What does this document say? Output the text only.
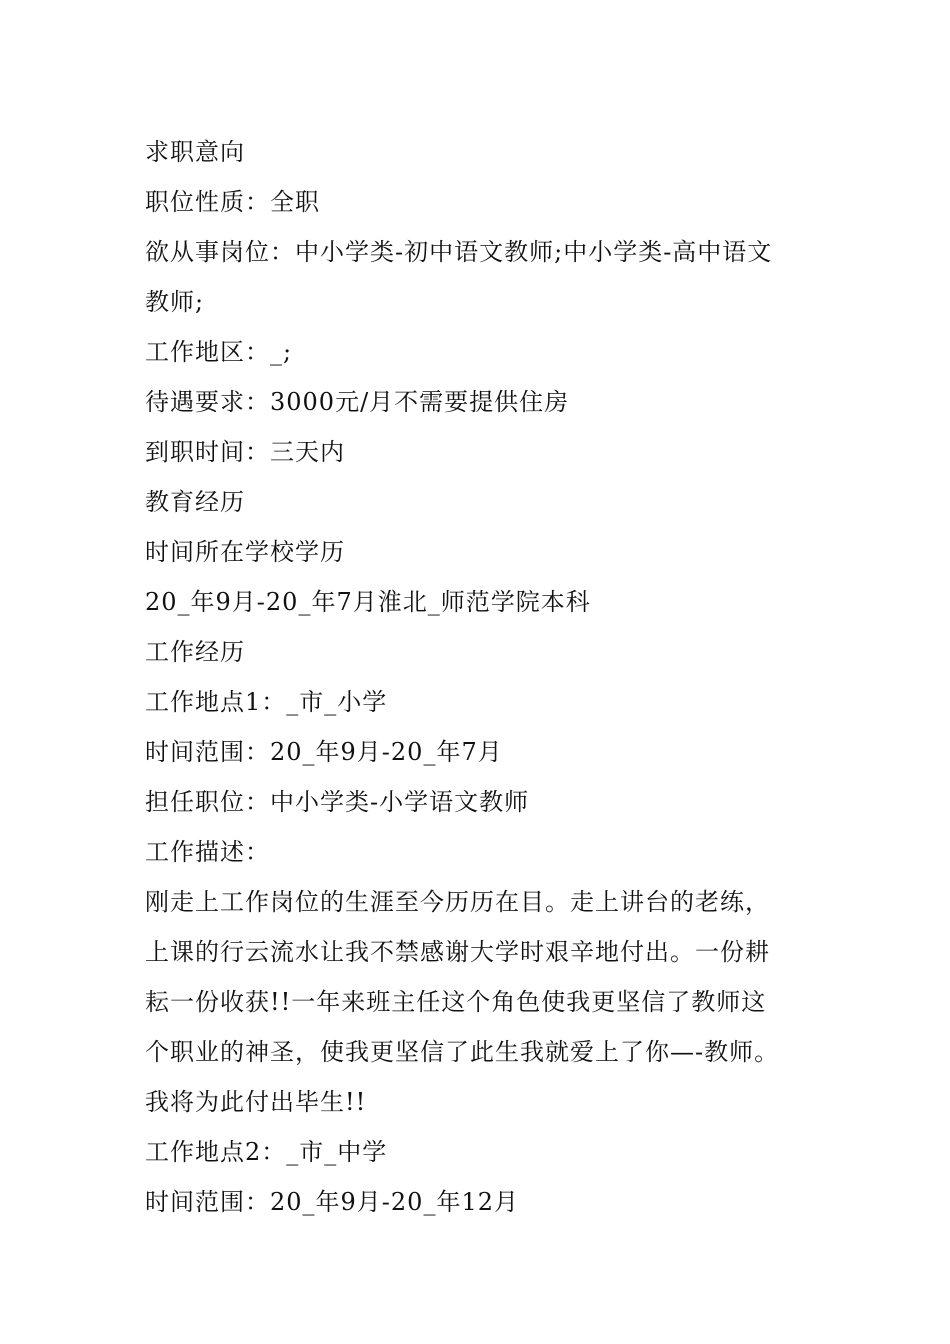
求职意向
职位性质：全职
欲从事岗位：中小学类-初中语文教师;中小学类-高中语文
教师;
工作地区：_;
待遇要求：3000元/月不需要提供住房
到职时间：三天内
教育经历
时间所在学校学历
20_年9月-20_年7月淮北_师范学院本科
工作经历
工作地点1：_市_小学
时间范围：20_年9月-20_年7月
担任职位：中小学类-小学语文教师
工作描述：
刚走上工作岗位的生涯至今历历在目。走上讲台的老练，
上课的行云流水让我不禁感谢大学时艰辛地付出。一份耕
耘一份收获!!一年来班主任这个角色使我更坚信了教师这
个职业的神圣，使我更坚信了此生我就爱上了你—-教师。
我将为此付出毕生!!
工作地点2：_市_中学
时间范围：20_年9月-20_年12月
